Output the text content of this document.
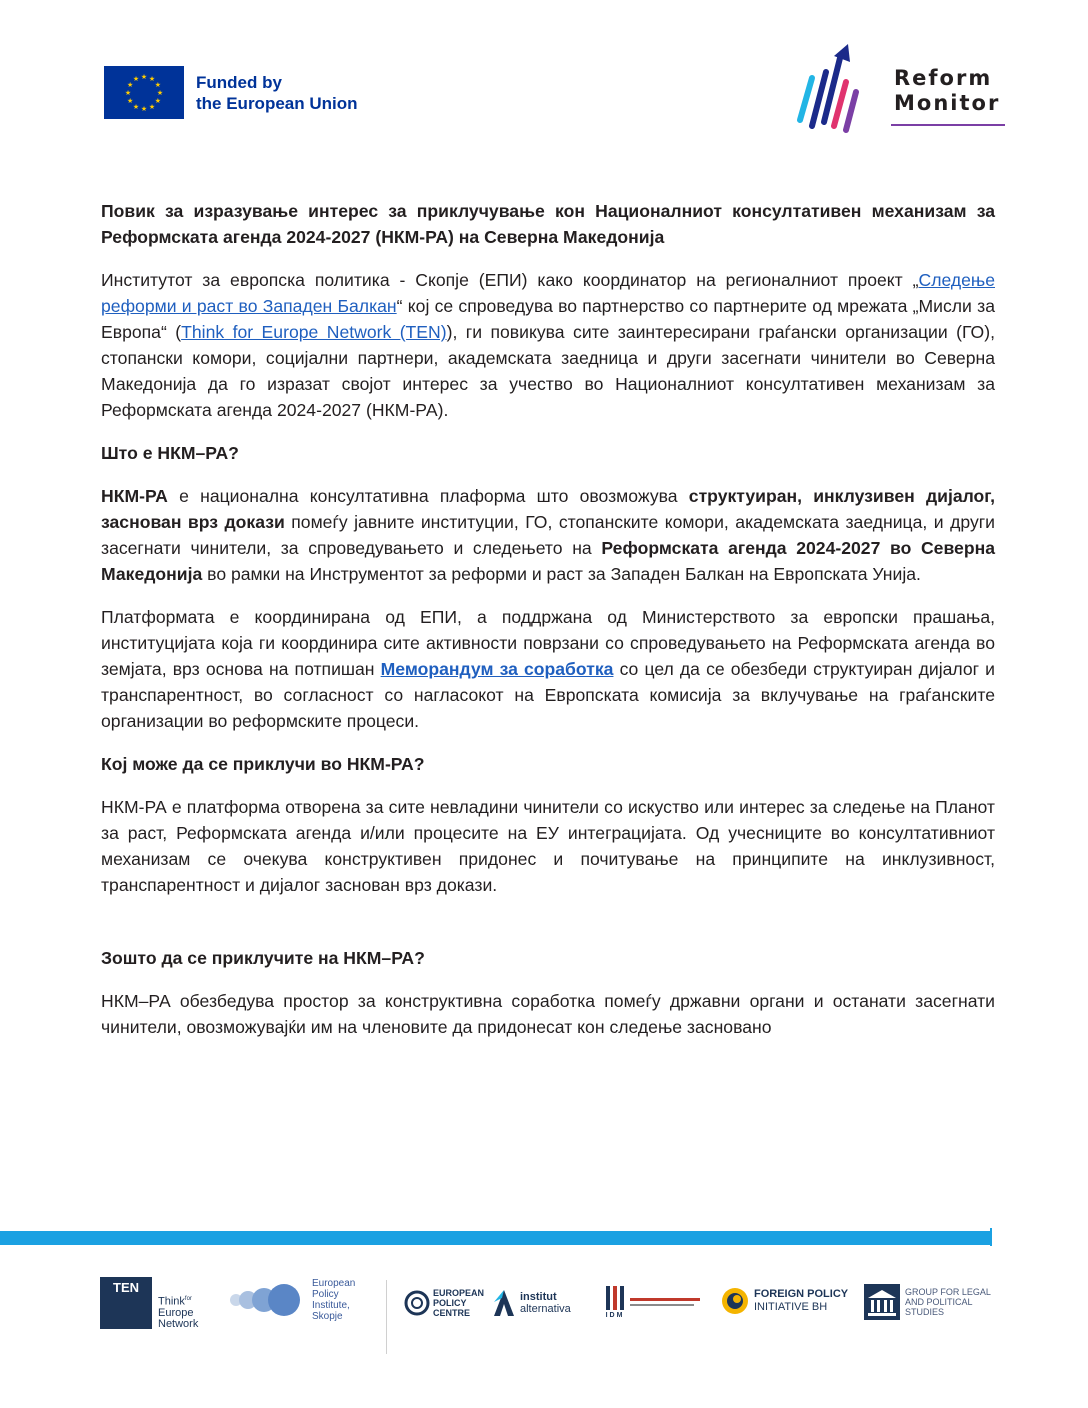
★ ★
★
★
★
★
★
★
★
★
★
★	Funded by
the European Union
Reform
Monitor

Повик за изразување интерес за приклучување кон Националниот консултативен механизам за Реформската агенда 2024-2027 (НКМ-РА) на Северна Македонија

Институтот за европска политика - Скопје (ЕПИ) како координатор на регионалниот проект „Следење реформи и раст во Западен Балкан“ кој се спроведува во партнерство со партнерите од мрежата „Мисли за Европа“ (Think for Europe Network (TEN)), ги повикува сите заинтересирани граѓански организации (ГО), стопански комори, социјални партнери, академската заедница и други засегнати чинители во Северна Македонија да го изразат својот интерес за учество во Националниот консултативен механизам за Реформската агенда 2024-2027 (НКМ-РА).

Што е НКМ–РА?

НКМ-РА е национална консултативна плаформа што овозможува структуиран, инклузивен дијалог, заснован врз докази помеѓу јавните институции, ГО, стопанските комори, академската заедница, и други засегнати чинители, за спроведувањето и следењето на Реформската агенда 2024-2027 во Северна Македонија во рамки на Инструментот за реформи и раст за Западен Балкан на Европската Унија.

Платформата е координирана од ЕПИ, а поддржана од Министерството за европски прашања, институцијата која ги координира сите активности поврзани со спроведувањето на Реформската агенда во земјата, врз основа на потпишан Меморандум за соработка со цел да се обезбеди структуиран дијалог и транспарентност, во согласност со нагласокот на Европската комисија за вклучување на граѓанските организации во реформските процеси.

Кој може да се приклучи во НКМ-РА?

НКМ-РА е платформа отворена за сите невладини чинители со искуство или интерес за следење на Планот за раст, Реформската агенда и/или процесите на ЕУ интеграцијата. Од учесниците во консултативниот механизам се очекува конструктивен придонес и почитување на принципите на инклузивност, транспарентност и дијалог заснован врз докази.

Зошто да се приклучите на НКМ–РА?

НКМ–РА обезбедува простор за конструктивна соработка помеѓу државни органи и останати засегнати чинители, овозможувајќи им на членовите да придонесат кон следење засновано

TEN
Think$^{for}$
Europe
Network
European
Policy
Institute,
Skopje
EUROPEAN
POLICY
CENTRE
institut
alternativa
IDM
FOREIGN POLICY
INITIATIVE BH
GROUP FOR LEGAL
AND POLITICAL
STUDIES
